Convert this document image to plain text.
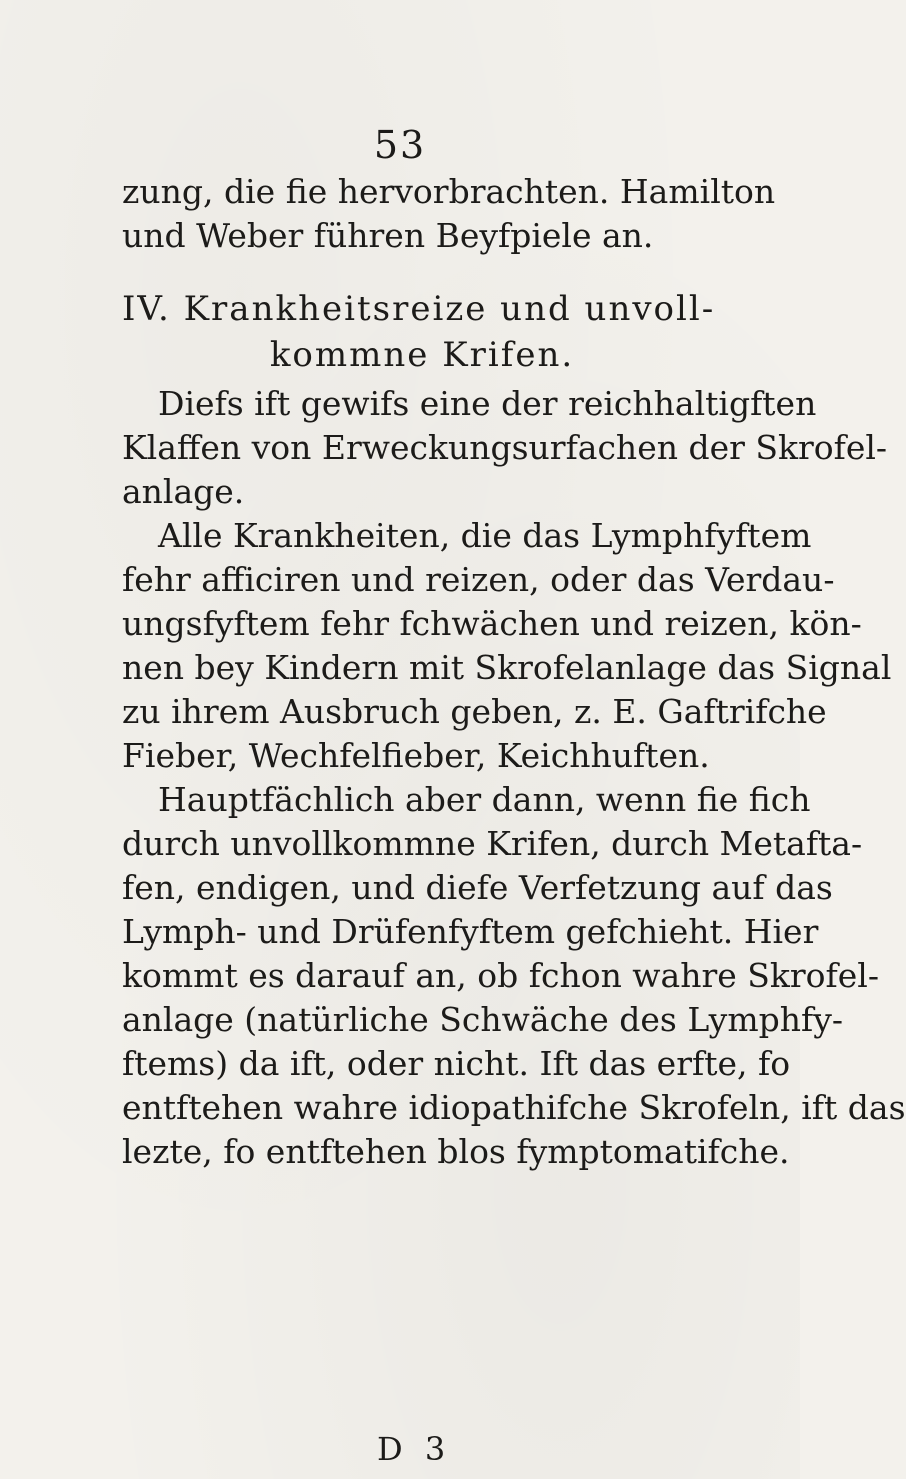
53
zung, die fie hervorbrachten. Hamilton
und Weber führen Beyfpiele an.
IV. Krankheitsreize und unvoll-
kommne Krifen.
Diefs ift gewifs eine der reichhaltigften
Klaffen von Erweckungsurfachen der Skrofel-
anlage.
Alle Krankheiten, die das Lymphfyftem
fehr afficiren und reizen, oder das Verdau-
ungsfyftem fehr fchwächen und reizen, kön-
nen bey Kindern mit Skrofelanlage das Signal
zu ihrem Ausbruch geben, z. E. Gaftrifche
Fieber, Wechfelfieber, Keichhuften.
Hauptfächlich aber dann, wenn fie fich
durch unvollkommne Krifen, durch Metafta-
fen, endigen, und diefe Verfetzung auf das
Lymph- und Drüfenfyftem gefchieht. Hier
kommt es darauf an, ob fchon wahre Skrofel-
anlage (natürliche Schwäche des Lymphfy-
ftems) da ift, oder nicht. Ift das erfte, fo
entftehen wahre idiopathifche Skrofeln, ift das
lezte, fo entftehen blos fymptomatifche.
D 3
